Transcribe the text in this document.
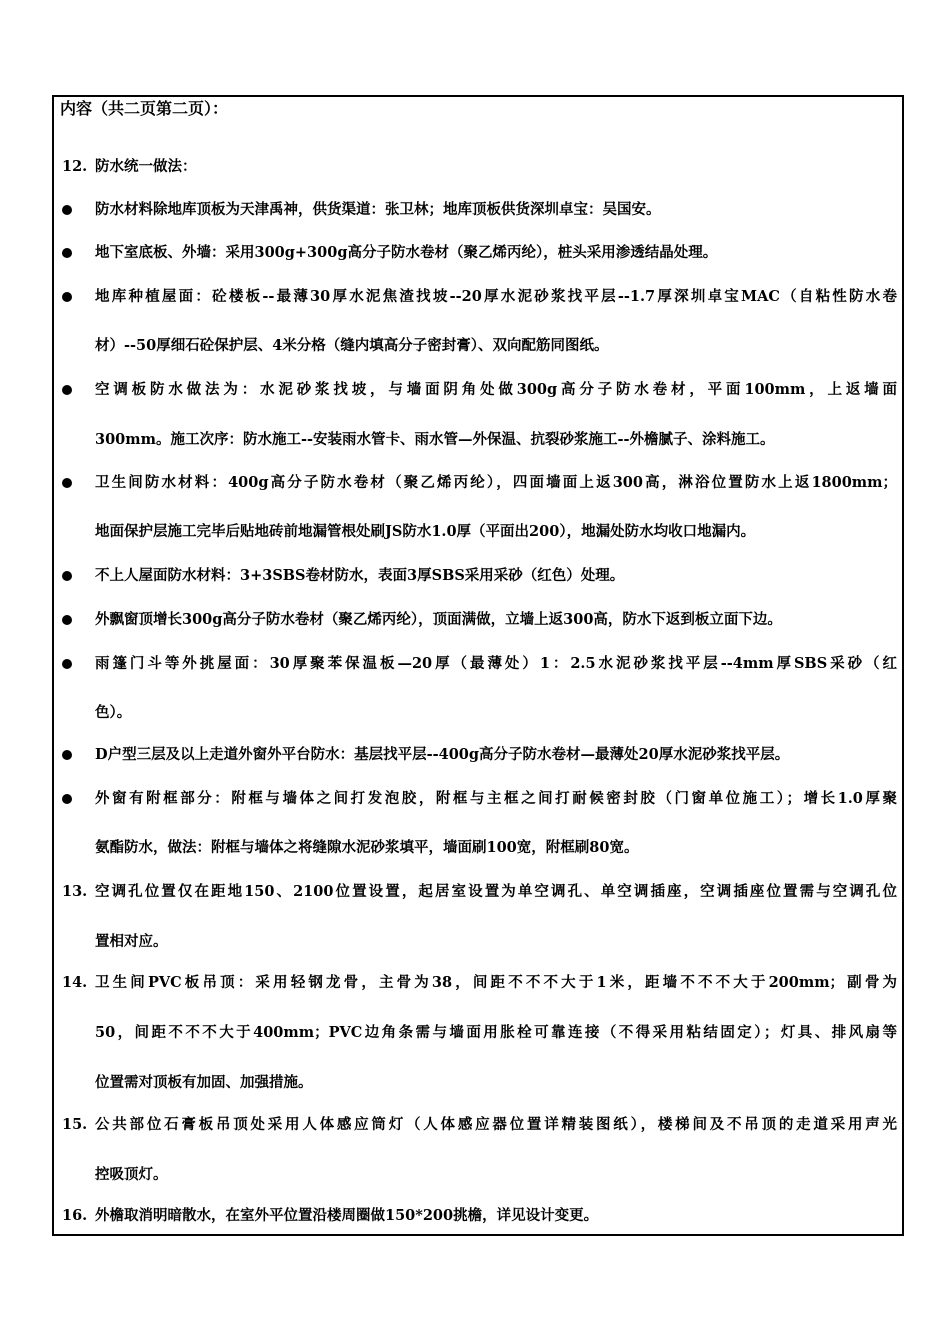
内容（共二页第二页）：
12. 防水统一做法：
防水材料除地库顶板为天津禹神，供货渠道：张卫林；地库顶板供货深圳卓宝：吴国安。
地下室底板、外墙：采用300g+300g高分子防水卷材（聚乙烯丙纶），桩头采用渗透结晶处理。
地库种植屋面：砼楼板--最薄30厚水泥焦渣找坡--20厚水泥砂浆找平层--1.7厚深圳卓宝MAC（自粘性防水卷
材）--50厚细石砼保护层、4米分格（缝内填高分子密封膏）、双向配筋同图纸。
空调板防水做法为：水泥砂浆找坡，与墙面阴角处做300g高分子防水卷材，平面100mm，上返墙面
300mm。施工次序：防水施工--安装雨水管卡、雨水管—外保温、抗裂砂浆施工--外檐腻子、涂料施工。
卫生间防水材料：400g高分子防水卷材（聚乙烯丙纶），四面墙面上返300高，淋浴位置防水上返1800mm；
地面保护层施工完毕后贴地砖前地漏管根处刷JS防水1.0厚（平面出200），地漏处防水均收口地漏内。
不上人屋面防水材料：3+3SBS卷材防水，表面3厚SBS采用采砂（红色）处理。
外飘窗顶增长300g高分子防水卷材（聚乙烯丙纶），顶面满做，立墙上返300高，防水下返到板立面下边。
雨篷门斗等外挑屋面：30厚聚苯保温板—20厚（最薄处）1：2.5水泥砂浆找平层--4mm厚SBS采砂（红
色）。
D户型三层及以上走道外窗外平台防水：基层找平层--400g高分子防水卷材—最薄处20厚水泥砂浆找平层。
外窗有附框部分：附框与墙体之间打发泡胶，附框与主框之间打耐候密封胶（门窗单位施工）；增长1.0厚聚
氨酯防水，做法：附框与墙体之将缝隙水泥砂浆填平，墙面刷100宽，附框刷80宽。
13. 空调孔位置仅在距地150、2100位置设置，起居室设置为单空调孔、单空调插座，空调插座位置需与空调孔位
置相对应。
14. 卫生间PVC板吊顶：采用轻钢龙骨，主骨为38，间距不不不大于1米，距墙不不不大于200mm；副骨为
50，间距不不不大于400mm；PVC边角条需与墙面用胀栓可靠连接（不得采用粘结固定）；灯具、排风扇等
位置需对顶板有加固、加强措施。
15. 公共部位石膏板吊顶处采用人体感应筒灯（人体感应器位置详精装图纸），楼梯间及不吊顶的走道采用声光
控吸顶灯。
16. 外檐取消明暗散水，在室外平位置沿楼周圈做150*200挑檐，详见设计变更。
